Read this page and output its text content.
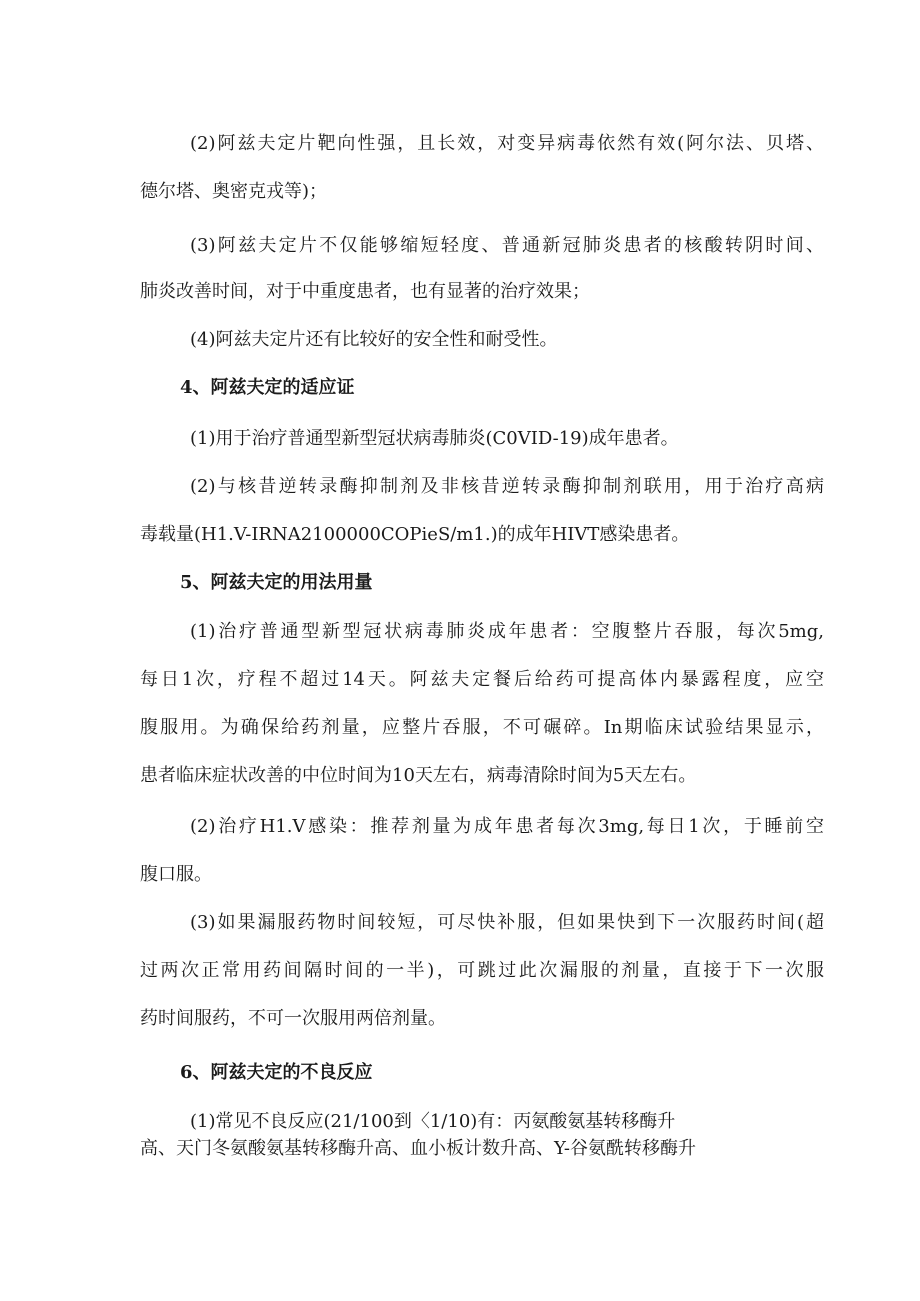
(2)阿兹夫定片靶向性强，且长效，对变异病毒依然有效(阿尔法、贝塔、
德尔塔、奥密克戎等)；
(3)阿兹夫定片不仅能够缩短轻度、普通新冠肺炎患者的核酸转阴时间、
肺炎改善时间，对于中重度患者，也有显著的治疗效果；
(4)阿兹夫定片还有比较好的安全性和耐受性。
4、阿兹夫定的适应证
(1)用于治疗普通型新型冠状病毒肺炎(C0VID-19)成年患者。
(2)与核昔逆转录酶抑制剂及非核昔逆转录酶抑制剂联用，用于治疗高病
毒载量(H1.V-IRNA2100000COPieS∕m1.)的成年HIVT感染患者。
5、阿兹夫定的用法用量
(1)治疗普通型新型冠状病毒肺炎成年患者：空腹整片吞服，每次5mg,
每日1次，疗程不超过14天。阿兹夫定餐后给药可提高体内暴露程度，应空
腹服用。为确保给药剂量，应整片吞服，不可碾碎。In期临床试验结果显示，
患者临床症状改善的中位时间为10天左右，病毒清除时间为5天左右。
(2)治疗H1.V感染：推荐剂量为成年患者每次3mg,每日1次，于睡前空
腹口服。
(3)如果漏服药物时间较短，可尽快补服，但如果快到下一次服药时间(超
过两次正常用药间隔时间的一半)，可跳过此次漏服的剂量，直接于下一次服
药时间服药，不可一次服用两倍剂量。
6、阿兹夫定的不良反应
(1)常见不良反应(21/100到〈1/10)有：丙氨酸氨基转移酶升
高、天门冬氨酸氨基转移酶升高、血小板计数升高、Y-谷氨酰转移酶升
